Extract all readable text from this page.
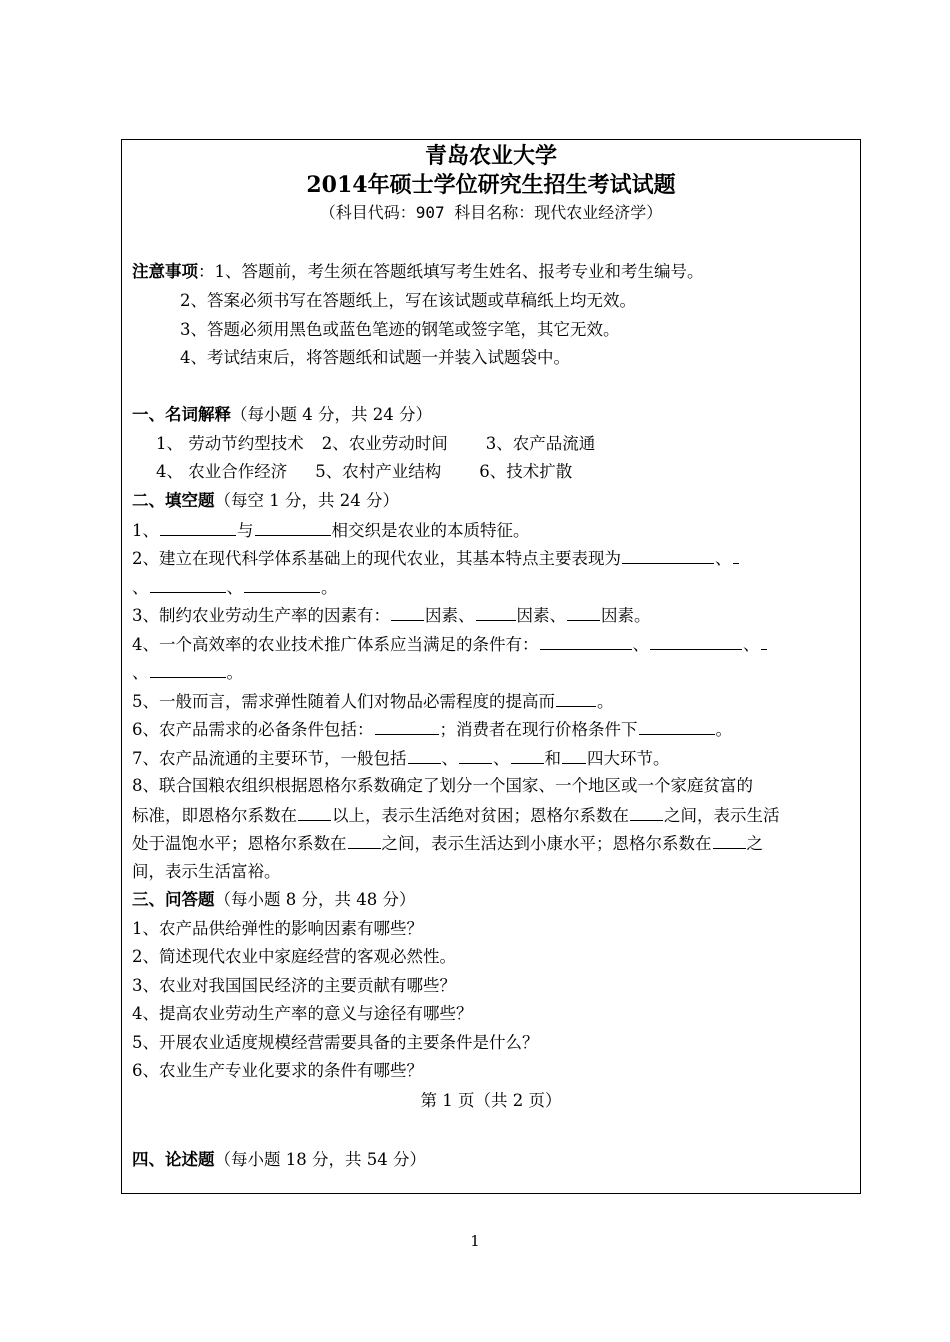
青岛农业大学
2014年硕士学位研究生招生考试试题
（科目代码：907 科目名称：现代农业经济学）
注意事项：1、答题前，考生须在答题纸填写考生姓名、报考专业和考生编号。
2、答案必须书写在答题纸上，写在该试题或草稿纸上均无效。
3、答题必须用黑色或蓝色笔迹的钢笔或签字笔，其它无效。
4、考试结束后，将答题纸和试题一并装入试题袋中。
一、名词解释（每小题 4 分，共 24 分）
1、 劳动节约型技术 2、农业劳动时间 3、农产品流通
4、 农业合作经济 5、农村产业结构 6、技术扩散
二、填空题（每空 1 分，共 24 分）
1、	与	相交织是农业的本质特征。
2、建立在现代科学体系基础上的现代农业，其基本特点主要表现为	、
、	、	。
3、制约农业劳动生产率的因素有： 因素、	因素、 因素。
4、一个高效率的农业技术推广体系应当满足的条件有：	、	、
、	。
5、一般而言，需求弹性随着人们对物品必需程度的提高而	。
6、农产品需求的必备条件包括：	；消费者在现行价格条件下	。
7、农产品流通的主要环节，一般包括 、 、 和 四大环节。
8、联合国粮农组织根据恩格尔系数确定了划分一个国家、一个地区或一个家庭贫富的
标准，即恩格尔系数在 以上，表示生活绝对贫困；恩格尔系数在 之间，表示生活
处于温饱水平；恩格尔系数在 之间，表示生活达到小康水平；恩格尔系数在 之
间，表示生活富裕。
三、问答题（每小题 8 分，共 48 分）
1、农产品供给弹性的影响因素有哪些？
2、简述现代农业中家庭经营的客观必然性。
3、农业对我国国民经济的主要贡献有哪些？
4、提高农业劳动生产率的意义与途径有哪些？
5、开展农业适度规模经营需要具备的主要条件是什么？
6、农业生产专业化要求的条件有哪些？
第 1 页（共 2 页）
四、论述题（每小题 18 分，共 54 分）
1
